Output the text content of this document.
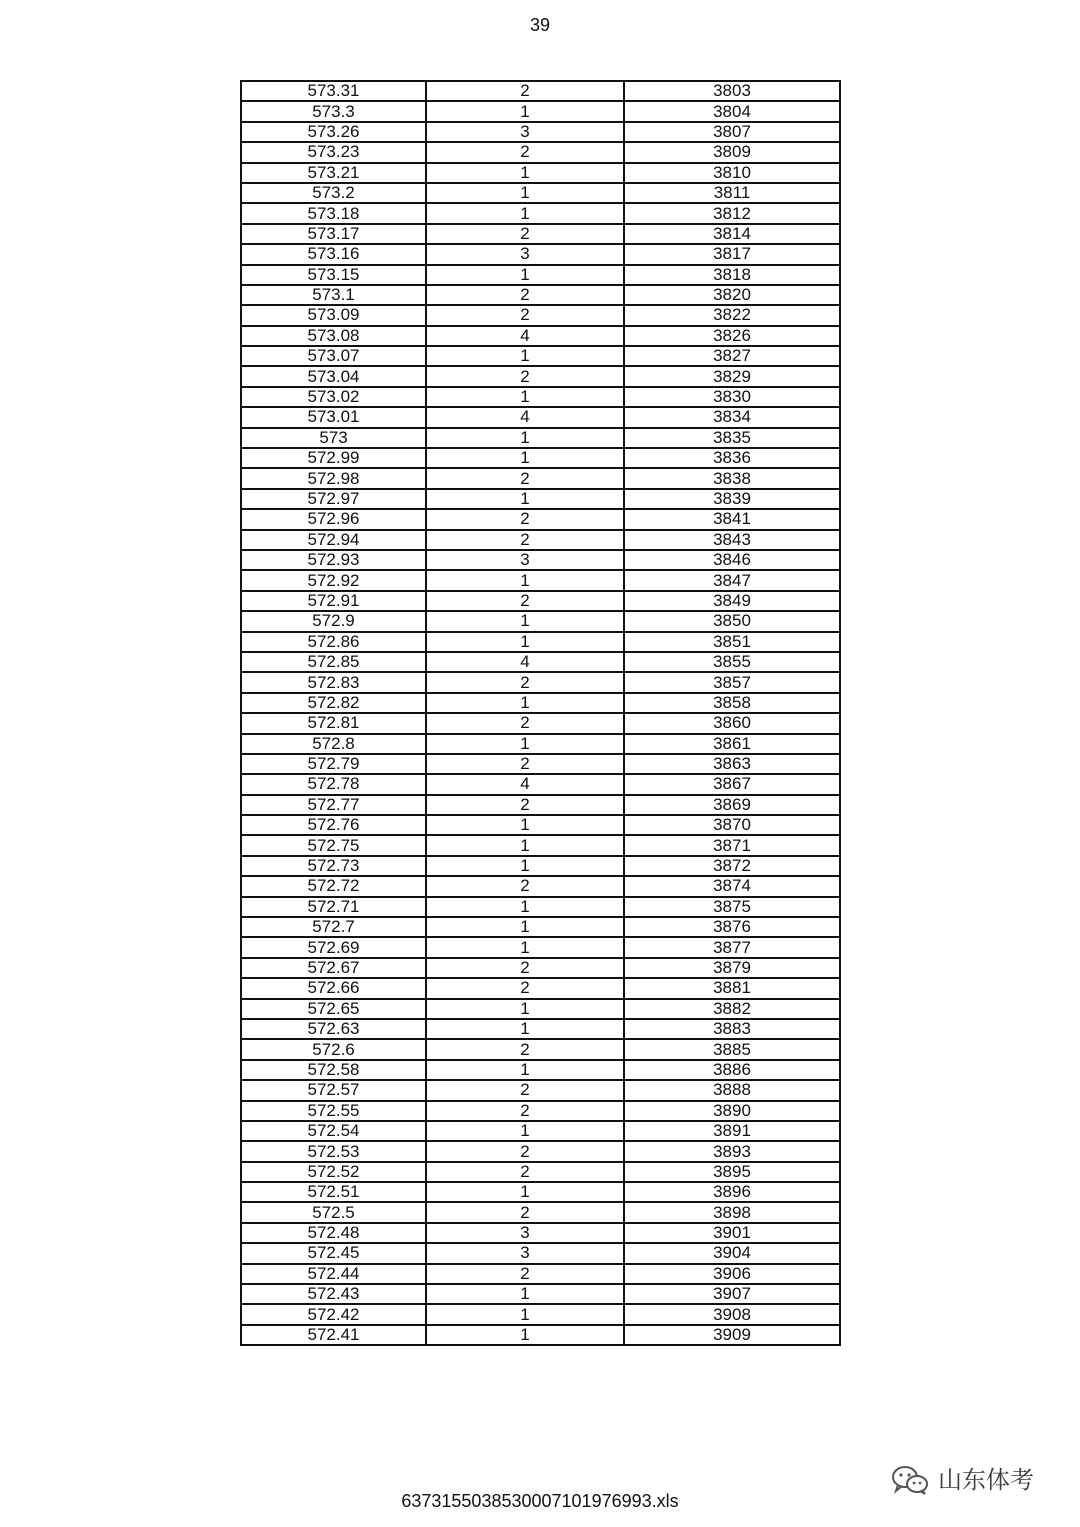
39
573.31	2	3803
573.3	1	3804
573.26	3	3807
573.23	2	3809
573.21	1	3810
573.2	1	3811
573.18	1	3812
573.17	2	3814
573.16	3	3817
573.15	1	3818
573.1	2	3820
573.09	2	3822
573.08	4	3826
573.07	1	3827
573.04	2	3829
573.02	1	3830
573.01	4	3834
573	1	3835
572.99	1	3836
572.98	2	3838
572.97	1	3839
572.96	2	3841
572.94	2	3843
572.93	3	3846
572.92	1	3847
572.91	2	3849
572.9	1	3850
572.86	1	3851
572.85	4	3855
572.83	2	3857
572.82	1	3858
572.81	2	3860
572.8	1	3861
572.79	2	3863
572.78	4	3867
572.77	2	3869
572.76	1	3870
572.75	1	3871
572.73	1	3872
572.72	2	3874
572.71	1	3875
572.7	1	3876
572.69	1	3877
572.67	2	3879
572.66	2	3881
572.65	1	3882
572.63	1	3883
572.6	2	3885
572.58	1	3886
572.57	2	3888
572.55	2	3890
572.54	1	3891
572.53	2	3893
572.52	2	3895
572.51	1	3896
572.5	2	3898
572.48	3	3901
572.45	3	3904
572.44	2	3906
572.43	1	3907
572.42	1	3908
572.41	1	3909
山东体考
637315503853000710197​6993.xls
